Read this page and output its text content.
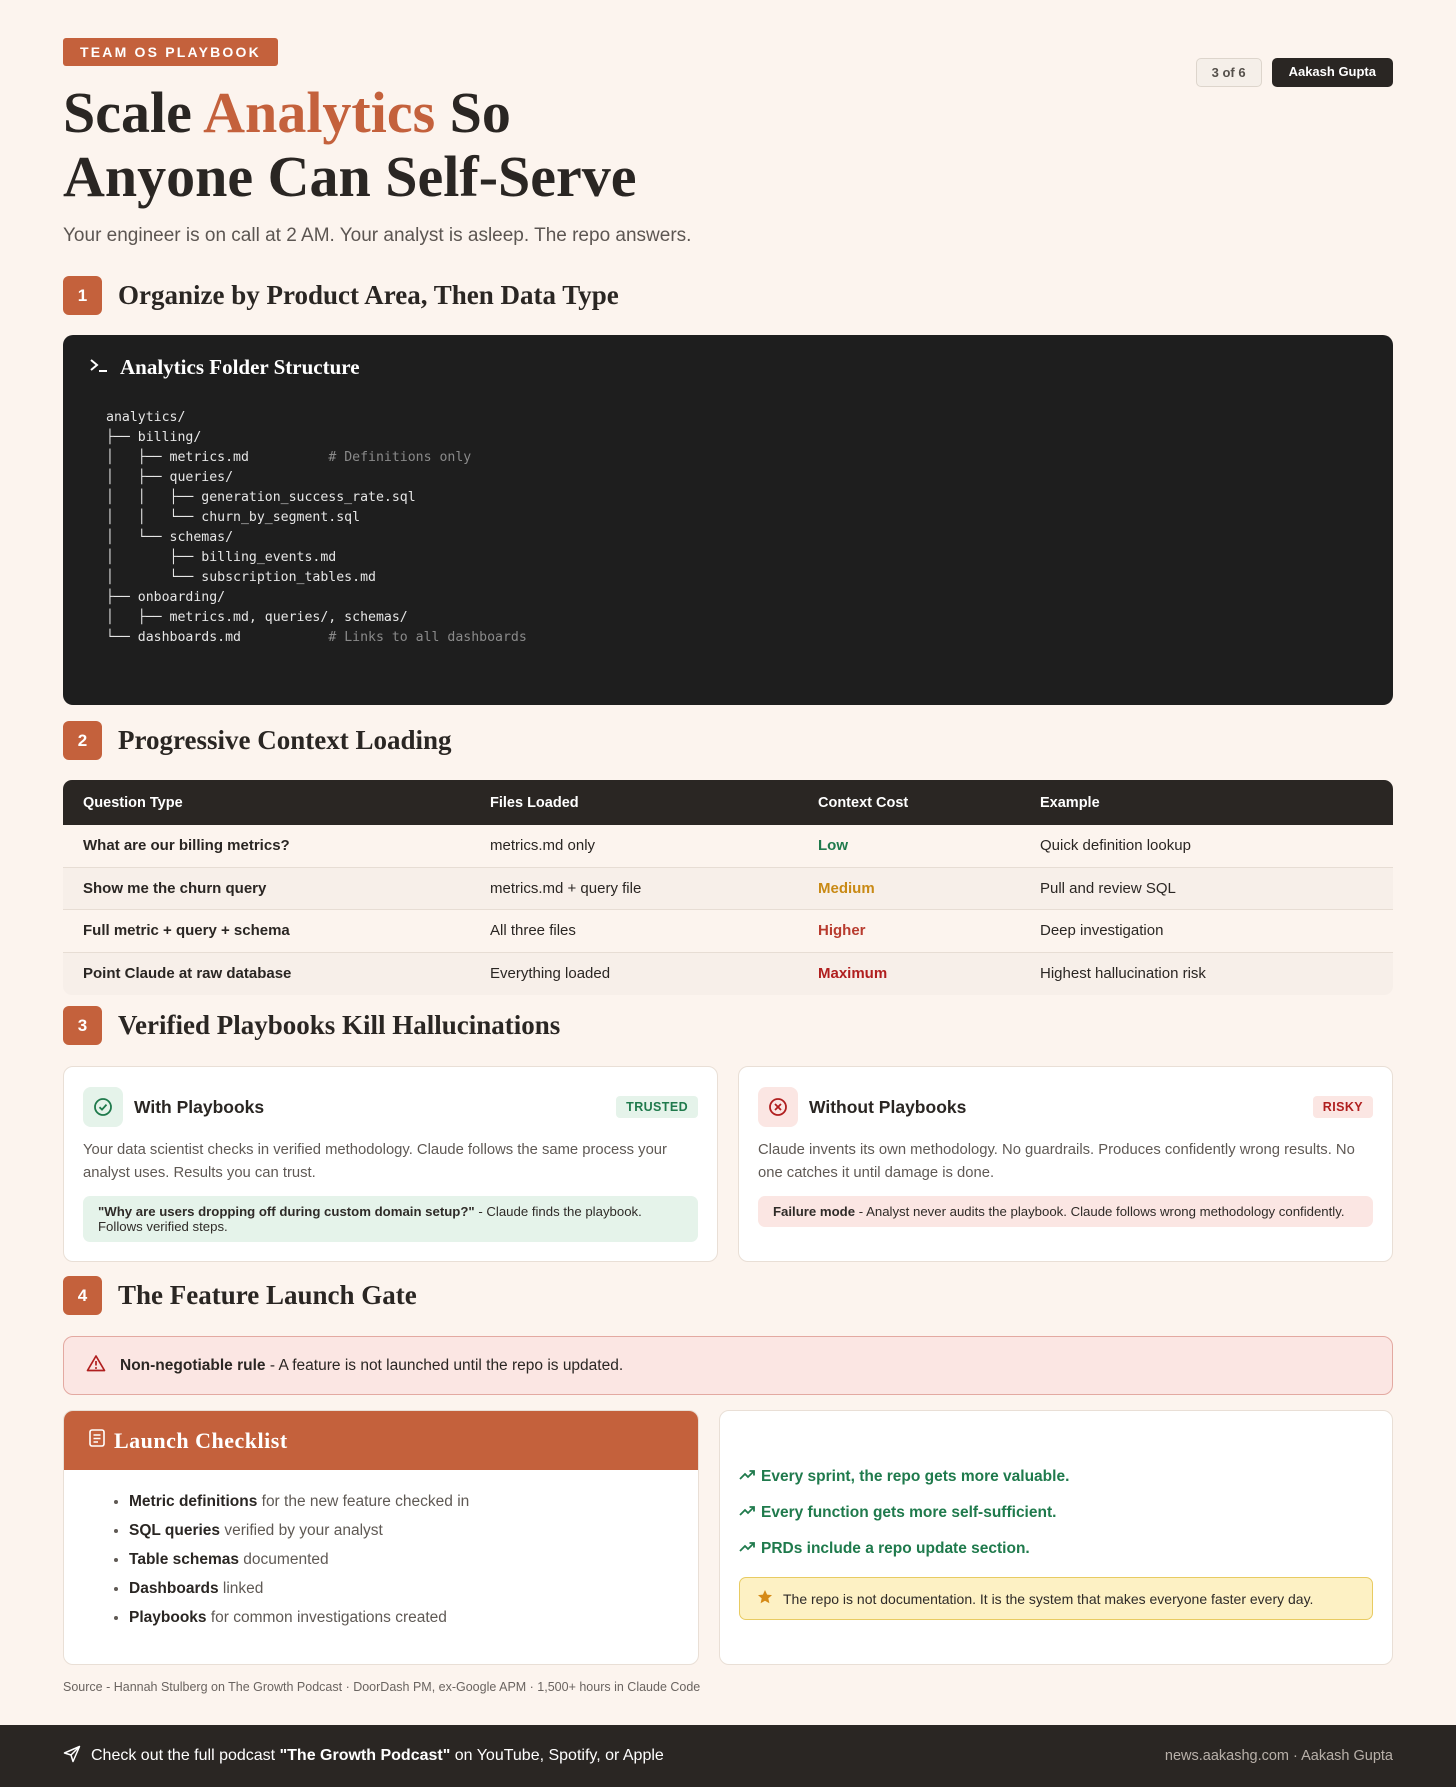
TEAM OS PLAYBOOK
3 of 6	Aakash Gupta
Scale Analytics So
Anyone Can Self-Serve
Your engineer is on call at 2 AM. Your analyst is asleep. The repo answers.
1	Organize by Product Area, Then Data Type
Analytics Folder Structure
analytics/
├── billing/
│   ├── metrics.md          # Definitions only
│   ├── queries/
│   │   ├── generation_success_rate.sql
│   │   └── churn_by_segment.sql
│   └── schemas/
│       ├── billing_events.md
│       └── subscription_tables.md
├── onboarding/
│   ├── metrics.md, queries/, schemas/
└── dashboards.md           # Links to all dashboards
2	Progressive Context Loading
Question Type	Files Loaded	Context Cost	Example
What are our billing metrics?	metrics.md only	Low	Quick definition lookup
Show me the churn query	metrics.md + query file	Medium	Pull and review SQL
Full metric + query + schema	All three files	Higher	Deep investigation
Point Claude at raw database	Everything loaded	Maximum	Highest hallucination risk
3	Verified Playbooks Kill Hallucinations
With Playbooks	TRUSTED
Your data scientist checks in verified methodology. Claude follows the same process your analyst uses. Results you can trust.
"Why are users dropping off during custom domain setup?" - Claude finds the playbook. Follows verified steps.
Without Playbooks	RISKY
Claude invents its own methodology. No guardrails. Produces confidently wrong results. No one catches it until damage is done.
Failure mode - Analyst never audits the playbook. Claude follows wrong methodology confidently.
4	The Feature Launch Gate
Non-negotiable rule - A feature is not launched until the repo is updated.
Launch Checklist
• Metric definitions for the new feature checked in
• SQL queries verified by your analyst
• Table schemas documented
• Dashboards linked
• Playbooks for common investigations created
Every sprint, the repo gets more valuable.
Every function gets more self-sufficient.
PRDs include a repo update section.
The repo is not documentation. It is the system that makes everyone faster every day.
Source - Hannah Stulberg on The Growth Podcast · DoorDash PM, ex-Google APM · 1,500+ hours in Claude Code
Check out the full podcast "The Growth Podcast" on YouTube, Spotify, or Apple	news.aakashg.com · Aakash Gupta
